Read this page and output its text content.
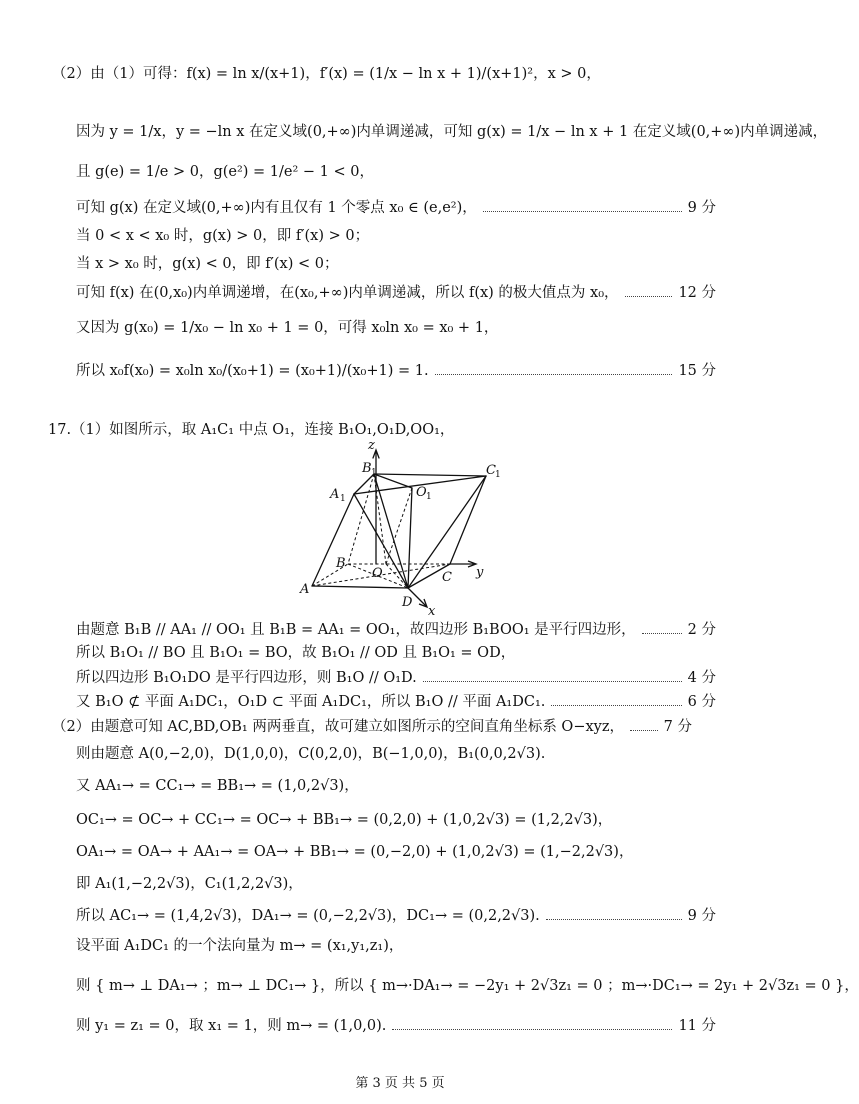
（2）由（1）可得：f(x) = ln x/(x+1)，f′(x) = (1/x − ln x + 1)/(x+1)²，x > 0，
因为 y = 1/x，y = −ln x 在定义域(0,+∞)内单调递减，可知 g(x) = 1/x − ln x + 1 在定义域(0,+∞)内单调递减，
且 g(e) = 1/e > 0，g(e²) = 1/e² − 1 < 0，
可知 g(x) 在定义域(0,+∞)内有且仅有 1 个零点 x₀ ∈ (e,e²)，	9 分
当 0 < x < x₀ 时，g(x) > 0，即 f′(x) > 0；
当 x > x₀ 时，g(x) < 0，即 f′(x) < 0；
可知 f(x) 在(0,x₀)内单调递增，在(x₀,+∞)内单调递减，所以 f(x) 的极大值点为 x₀，	12 分
又因为 g(x₀) = 1/x₀ − ln x₀ + 1 = 0，可得 x₀ln x₀ = x₀ + 1，
所以 x₀f(x₀) = x₀ln x₀/(x₀+1) = (x₀+1)/(x₀+1) = 1.	15 分
17.（1）如图所示，取 A₁C₁ 中点 O₁，连接 B₁O₁,O₁D,OO₁，
z
B 1
A 1	O 1
C 1
B
O	C y
A
D
x
由题意 B₁B // AA₁ // OO₁ 且 B₁B = AA₁ = OO₁，故四边形 B₁BOO₁ 是平行四边形，	2 分
所以 B₁O₁ // BO 且 B₁O₁ = BO，故 B₁O₁ // OD 且 B₁O₁ = OD，
所以四边形 B₁O₁DO 是平行四边形，则 B₁O // O₁D.	4 分
又 B₁O ⊄ 平面 A₁DC₁，O₁D ⊂ 平面 A₁DC₁，所以 B₁O // 平面 A₁DC₁.	6 分
（2）由题意可知 AC,BD,OB₁ 两两垂直，故可建立如图所示的空间直角坐标系 O−xyz，	7 分
则由题意 A(0,−2,0)，D(1,0,0)，C(0,2,0)，B(−1,0,0)，B₁(0,0,2√3).
又 AA₁→ = CC₁→ = BB₁→ = (1,0,2√3)，
OC₁→ = OC→ + CC₁→ = OC→ + BB₁→ = (0,2,0) + (1,0,2√3) = (1,2,2√3)，
OA₁→ = OA→ + AA₁→ = OA→ + BB₁→ = (0,−2,0) + (1,0,2√3) = (1,−2,2√3)，
即 A₁(1,−2,2√3)，C₁(1,2,2√3)，
所以 AC₁→ = (1,4,2√3)，DA₁→ = (0,−2,2√3)，DC₁→ = (0,2,2√3).	9 分
设平面 A₁DC₁ 的一个法向量为 m→ = (x₁,y₁,z₁)，
则 { m→ ⊥ DA₁→ ；m→ ⊥ DC₁→ }，所以 { m→·DA₁→ = −2y₁ + 2√3z₁ = 0 ；m→·DC₁→ = 2y₁ + 2√3z₁ = 0 }，
则 y₁ = z₁ = 0，取 x₁ = 1，则 m→ = (1,0,0).	11 分
第 3 页 共 5 页
